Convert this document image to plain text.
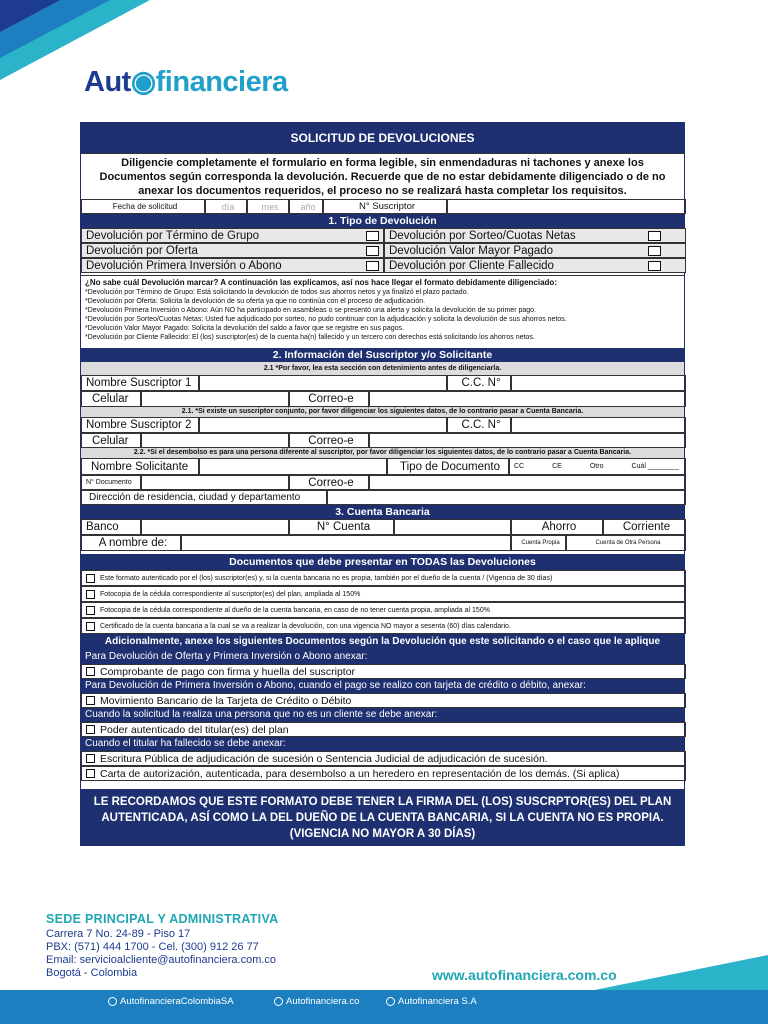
Aut◉financiera
SOLICITUD DE DEVOLUCIONES
Diligencie completamente el formulario en forma legible, sin enmendaduras ni tachones y anexe los Documentos según corresponda la devolución. Recuerde que de no estar debidamente diligenciado o de no anexar los documentos requeridos, el proceso no se realizará hasta completar los requisitos.
Fecha de solicitud	día	mes	año	N° Suscriptor
1. Tipo de Devolución
Devolución por Término de Grupo	Devolución por Sorteo/Cuotas Netas
Devolución por Oferta	Devolución Valor Mayor Pagado
Devolución Primera Inversión o Abono	Devolución por Cliente Fallecido
¿No sabe cuál Devolución marcar? A continuación las explicamos, así nos hace llegar el formato debidamente diligenciado:
*Devolución por Término de Grupo: Está solicitando la devolución de todos sus ahorros netos y ya finalizó el plazo pactado.
*Devolución por Oferta: Solicita la devolución de su oferta ya que no continúa con el proceso de adjudicación.
*Devolución Primera Inversión o Abono: Aún NO ha participado en asambleas o se presentó una alerta y solicita la devolución de su primer pago.
*Devolución por Sorteo/Cuotas Netas: Usted fue adjudicado por sorteo, no pudo continuar con la adjudicación y solicita la devolución de sus ahorros netos.
*Devolución Valor Mayor Pagado: Solicita la devolución del saldo a favor que se registre en sus pagos.
*Devolución por Cliente Fallecido: El (los) suscriptor(es) de la cuenta ha(n) fallecido y un tercero con derechos está solicitando los ahorros netos.
2. Información del Suscriptor y/o Solicitante
2.1 *Por favor, lea esta sección con detenimiento antes de diligenciarla.
Nombre Suscriptor 1	C.C. N°
Celular	Correo-e
2.1. *Si existe un suscriptor conjunto, por favor diligenciar los siguientes datos, de lo contrario pasar a Cuenta Bancaria.
Nombre Suscriptor 2	C.C. N°
Celular	Correo-e
2.2. *Si el desembolso es para una persona diferente al suscriptor, por favor diligenciar los siguientes datos, de lo contrario pasar a Cuenta Bancaria.
Nombre Solicitante	Tipo de Documento	CC	CE	Otro	Cuál ________
N° Documento	Correo-e
Dirección de residencia, ciudad y departamento
3. Cuenta Bancaria
Banco	N° Cuenta	Ahorro	Corriente
A nombre de:	Cuenta Propia	Cuenta de Otra Persona
Documentos que debe presentar en TODAS las Devoluciones
Este formato autenticado por el (los) suscriptor(es) y, si la cuenta bancaria no es propia, también por el dueño de la cuenta / (Vigencia de 30 días)
Fotocopia de la cédula correspondiente al suscriptor(es) del plan, ampliada al 150%
Fotocopia de la cédula correspondiente al dueño de la cuenta bancaria, en caso de no tener cuenta propia, ampliada al 150%
Certificado de la cuenta bancaria a la cual se va a realizar la devolución, con una vigencia NO mayor a sesenta (60) días calendario.
Adicionalmente, anexe los siguientes Documentos según la Devolución que este solicitando o el caso que le aplique
Para Devolución de Oferta y Primera Inversión o Abono anexar:
Comprobante de pago con firma y huella del suscriptor
Para Devolución de Primera Inversión o Abono, cuando el pago se realizo con tarjeta de crédito o débito, anexar:
Movimiento Bancario de la Tarjeta de Crédito o Débito
Cuando la solicitud la realiza una persona que no es un cliente se debe anexar:
Poder autenticado del titular(es) del plan
Cuando el titular ha fallecido se debe anexar:
Escritura Pública de adjudicación de sucesión o Sentencia Judicial de adjudicación de sucesión.
Carta de autorización, autenticada, para desembolso a un heredero en representación de los demás. (Si aplica)
LE RECORDAMOS QUE ESTE FORMATO DEBE TENER LA FIRMA DEL (LOS) SUSCRPTOR(ES) DEL PLAN AUTENTICADA, ASÍ COMO LA DEL DUEÑO DE LA CUENTA BANCARIA, SI LA CUENTA NO ES PROPIA. (VIGENCIA NO MAYOR A 30 DÍAS)
SEDE PRINCIPAL Y ADMINISTRATIVA
Carrera 7 No. 24-89 - Piso 17
PBX: (571) 444 1700 - Cel. (300) 912 26 77
Email: servicioalcliente@autofinanciera.com.co
Bogotá - Colombia	www.autofinanciera.com.co
AutofinancieraColombiaSA	Autofinanciera.co	Autofinanciera S.A
